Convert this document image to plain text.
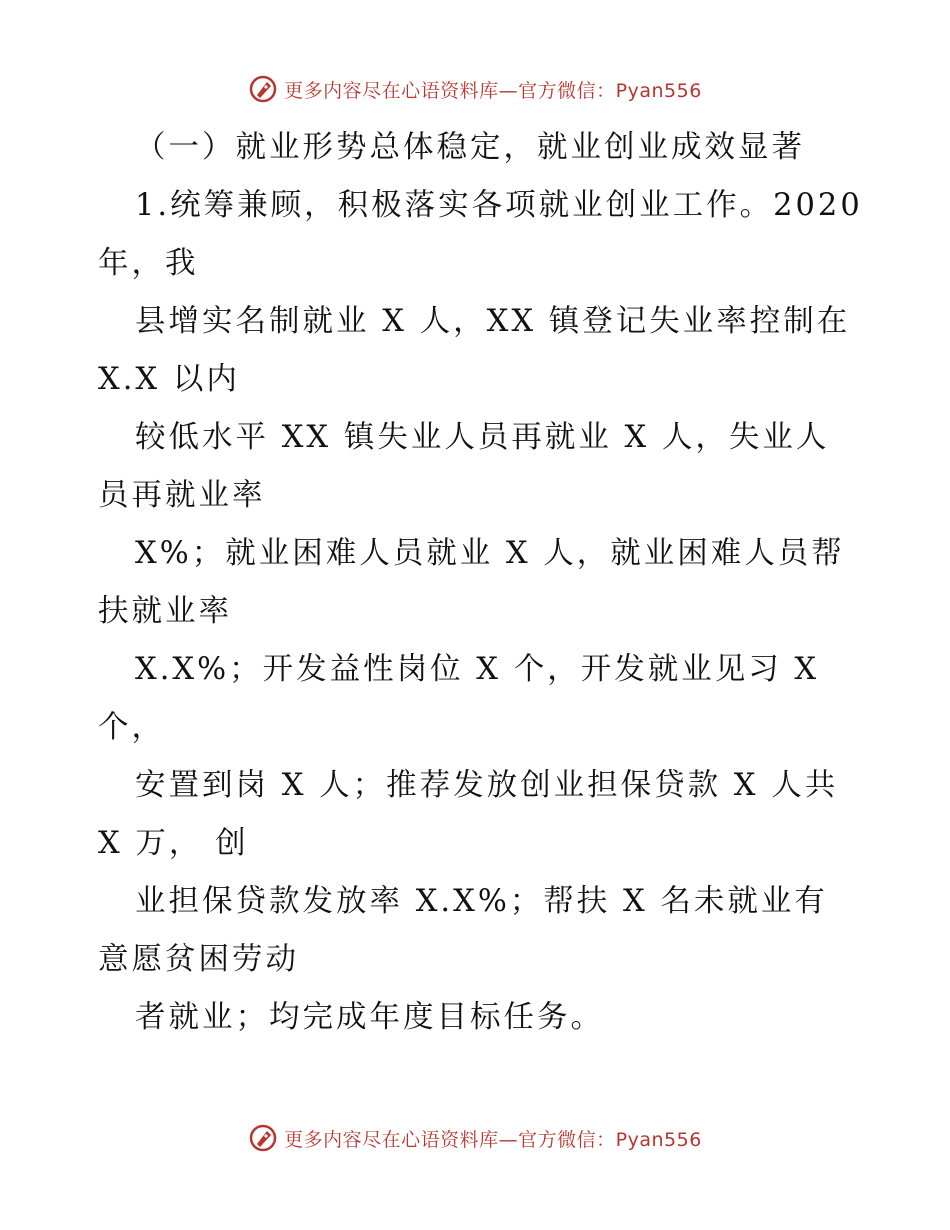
更多内容尽在心语资料库—官方微信：Pyan556
（一）就业形势总体稳定，就业创业成效显著
1.统筹兼顾，积极落实各项就业创业工作。2020
年，我
县增实名制就业 X 人，XX 镇登记失业率控制在
X.X 以内
较低水平 XX 镇失业人员再就业 X 人，失业人
员再就业率
X%；就业困难人员就业 X 人，就业困难人员帮
扶就业率
X.X%；开发益性岗位 X 个，开发就业见习 X
个，
安置到岗 X 人；推荐发放创业担保贷款 X 人共
X 万， 创
业担保贷款发放率 X.X%；帮扶 X 名未就业有
意愿贫困劳动
者就业；均完成年度目标任务。
更多内容尽在心语资料库—官方微信：Pyan556
